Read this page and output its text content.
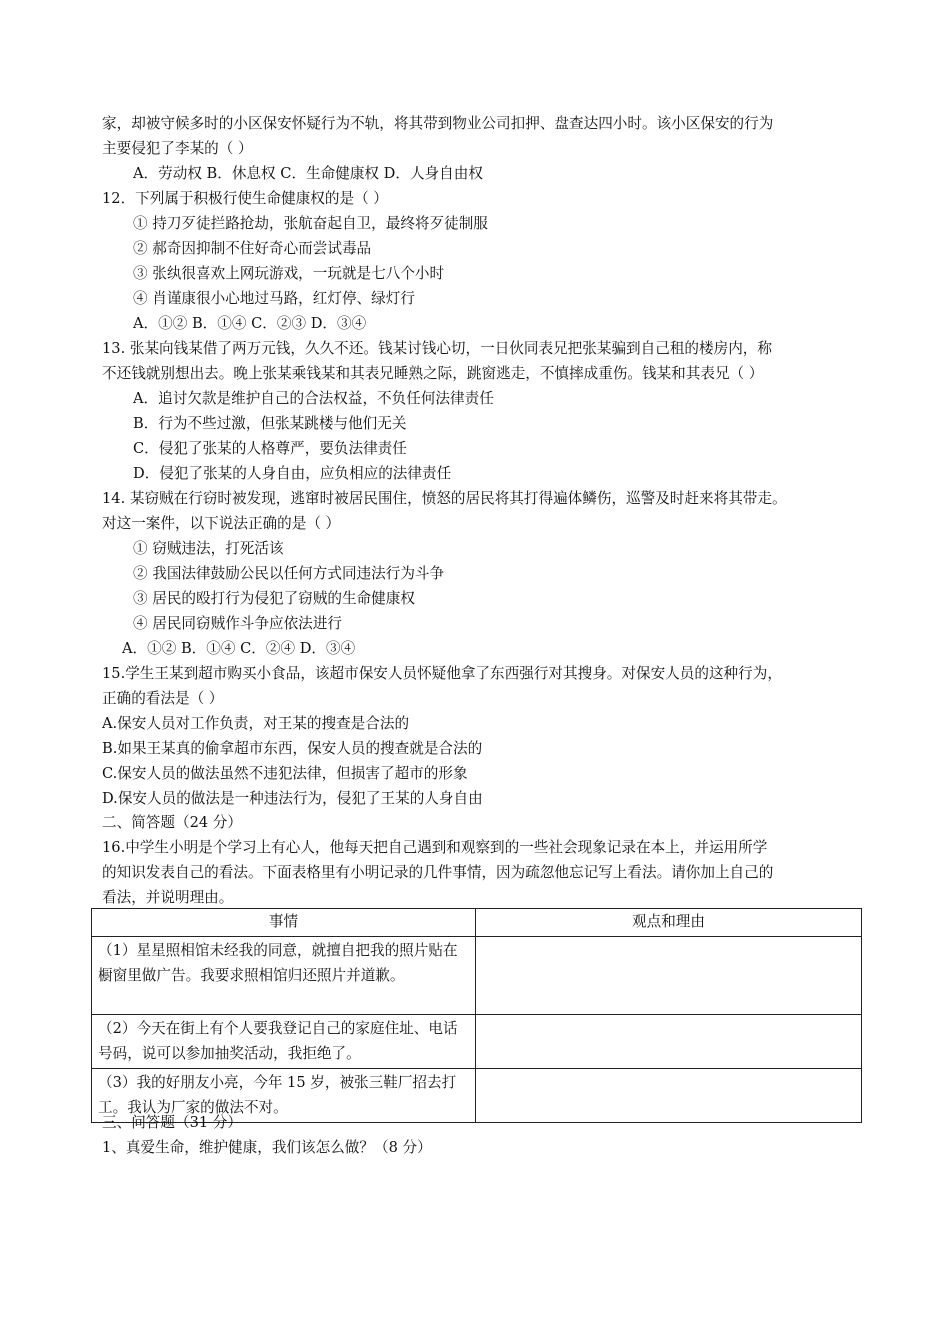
家，却被守候多时的小区保安怀疑行为不轨，将其带到物业公司扣押、盘查达四小时。该小区保安的行为
主要侵犯了李某的（ ）
A．劳动权 B．休息权 C．生命健康权 D．人身自由权
12．下列属于积极行使生命健康权的是（ ）
① 持刀歹徒拦路抢劫，张航奋起自卫，最终将歹徒制服
② 郝奇因抑制不住好奇心而尝试毒品
③ 张纨很喜欢上网玩游戏，一玩就是七八个小时
④ 肖谨康很小心地过马路，红灯停、绿灯行
A．①② B．①④ C．②③ D．③④
13. 张某向钱某借了两万元钱，久久不还。钱某讨钱心切，一日伙同表兄把张某骗到自己租的楼房内，称
不还钱就别想出去。晚上张某乘钱某和其表兄睡熟之际，跳窗逃走，不慎摔成重伤。钱某和其表兄（ ）
A．追讨欠款是维护自己的合法权益，不负任何法律责任
B．行为不些过激，但张某跳楼与他们无关
C．侵犯了张某的人格尊严，要负法律责任
D．侵犯了张某的人身自由，应负相应的法律责任
14. 某窃贼在行窃时被发现，逃窜时被居民围住，愤怒的居民将其打得遍体鳞伤，巡警及时赶来将其带走。
对这一案件，以下说法正确的是（ ）
① 窃贼违法，打死活该
② 我国法律鼓励公民以任何方式同违法行为斗争
③ 居民的殴打行为侵犯了窃贼的生命健康权
④ 居民同窃贼作斗争应依法进行
A．①② B．①④ C．②④ D．③④
15.学生王某到超市购买小食品，该超市保安人员怀疑他拿了东西强行对其搜身。对保安人员的这种行为，
正确的看法是（ ）
A.保安人员对工作负责，对王某的搜查是合法的
B.如果王某真的偷拿超市东西，保安人员的搜查就是合法的
C.保安人员的做法虽然不违犯法律，但损害了超市的形象
D.保安人员的做法是一种违法行为，侵犯了王某的人身自由
二、简答题（24 分）
16.中学生小明是个学习上有心人，他每天把自己遇到和观察到的一些社会现象记录在本上，并运用所学
的知识发表自己的看法。下面表格里有小明记录的几件事情，因为疏忽他忘记写上看法。请你加上自己的
看法，并说明理由。
事情	观点和理由
（1）星星照相馆未经我的同意，就擅自把我的照片贴在橱窗里做广告。我要求照相馆归还照片并道歉。	
（2）今天在街上有个人要我登记自己的家庭住址、电话号码，说可以参加抽奖活动，我拒绝了。	
（3）我的好朋友小亮，今年 15 岁，被张三鞋厂招去打工。我认为厂家的做法不对。	
三、问答题（31 分）
1、真爱生命，维护健康，我们该怎么做？（8 分）
